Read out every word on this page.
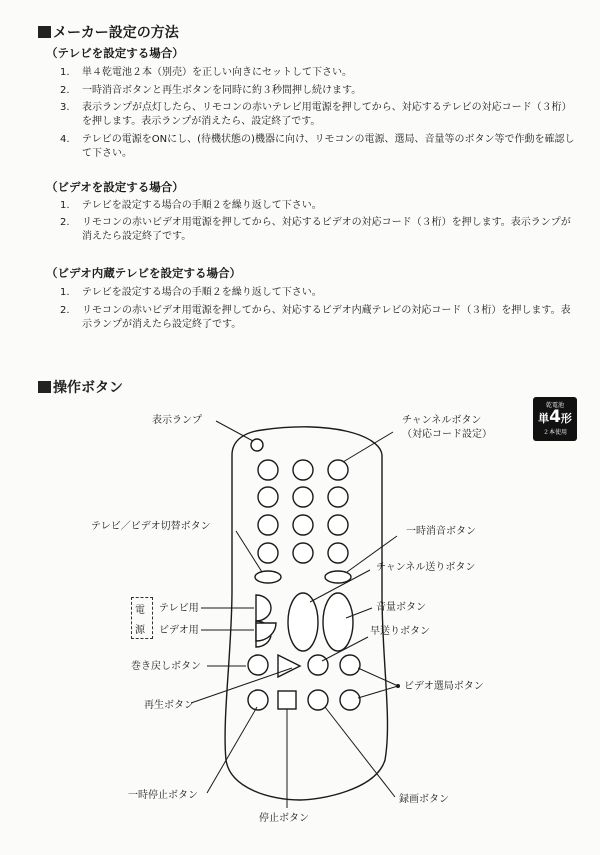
メーカー設定の方法
（テレビを設定する場合）
1.	単４乾電池２本（別売）を正しい向きにセットして下さい。
2.	一時消音ボタンと再生ボタンを同時に約３秒間押し続けます。
3.	表示ランプが点灯したら、リモコンの赤いテレビ用電源を押してから、対応するテレビの対応コード（３桁）を押します。表示ランプが消えたら、設定終了です。
4.	テレビの電源をONにし、(待機状態の)機器に向け、リモコンの電源、選局、音量等のボタン等で作動を確認して下さい。
（ビデオを設定する場合）
1.	テレビを設定する場合の手順２を繰り返して下さい。
2.	リモコンの赤いビデオ用電源を押してから、対応するビデオの対応コード（３桁）を押します。表示ランプが消えたら設定終了です。
（ビデオ内蔵テレビを設定する場合）
1.	テレビを設定する場合の手順２を繰り返して下さい。
2.	リモコンの赤いビデオ用電源を押してから、対応するビデオ内蔵テレビの対応コード（３桁）を押します。表示ランプが消えたら設定終了です。
操作ボタン
乾電池
単4形
２本使用
表示ランプ	チャンネルボタン
（対応コード設定）
テレビ／ビデオ切替ボタン	一時消音ボタン
チャンネル送りボタン
音量ボタン
電
源
テレビ用
ビデオ用	早送りボタン
巻き戻しボタン
ビデオ選局ボタン
再生ボタン
一時停止ボタン	録画ボタン
停止ボタン
